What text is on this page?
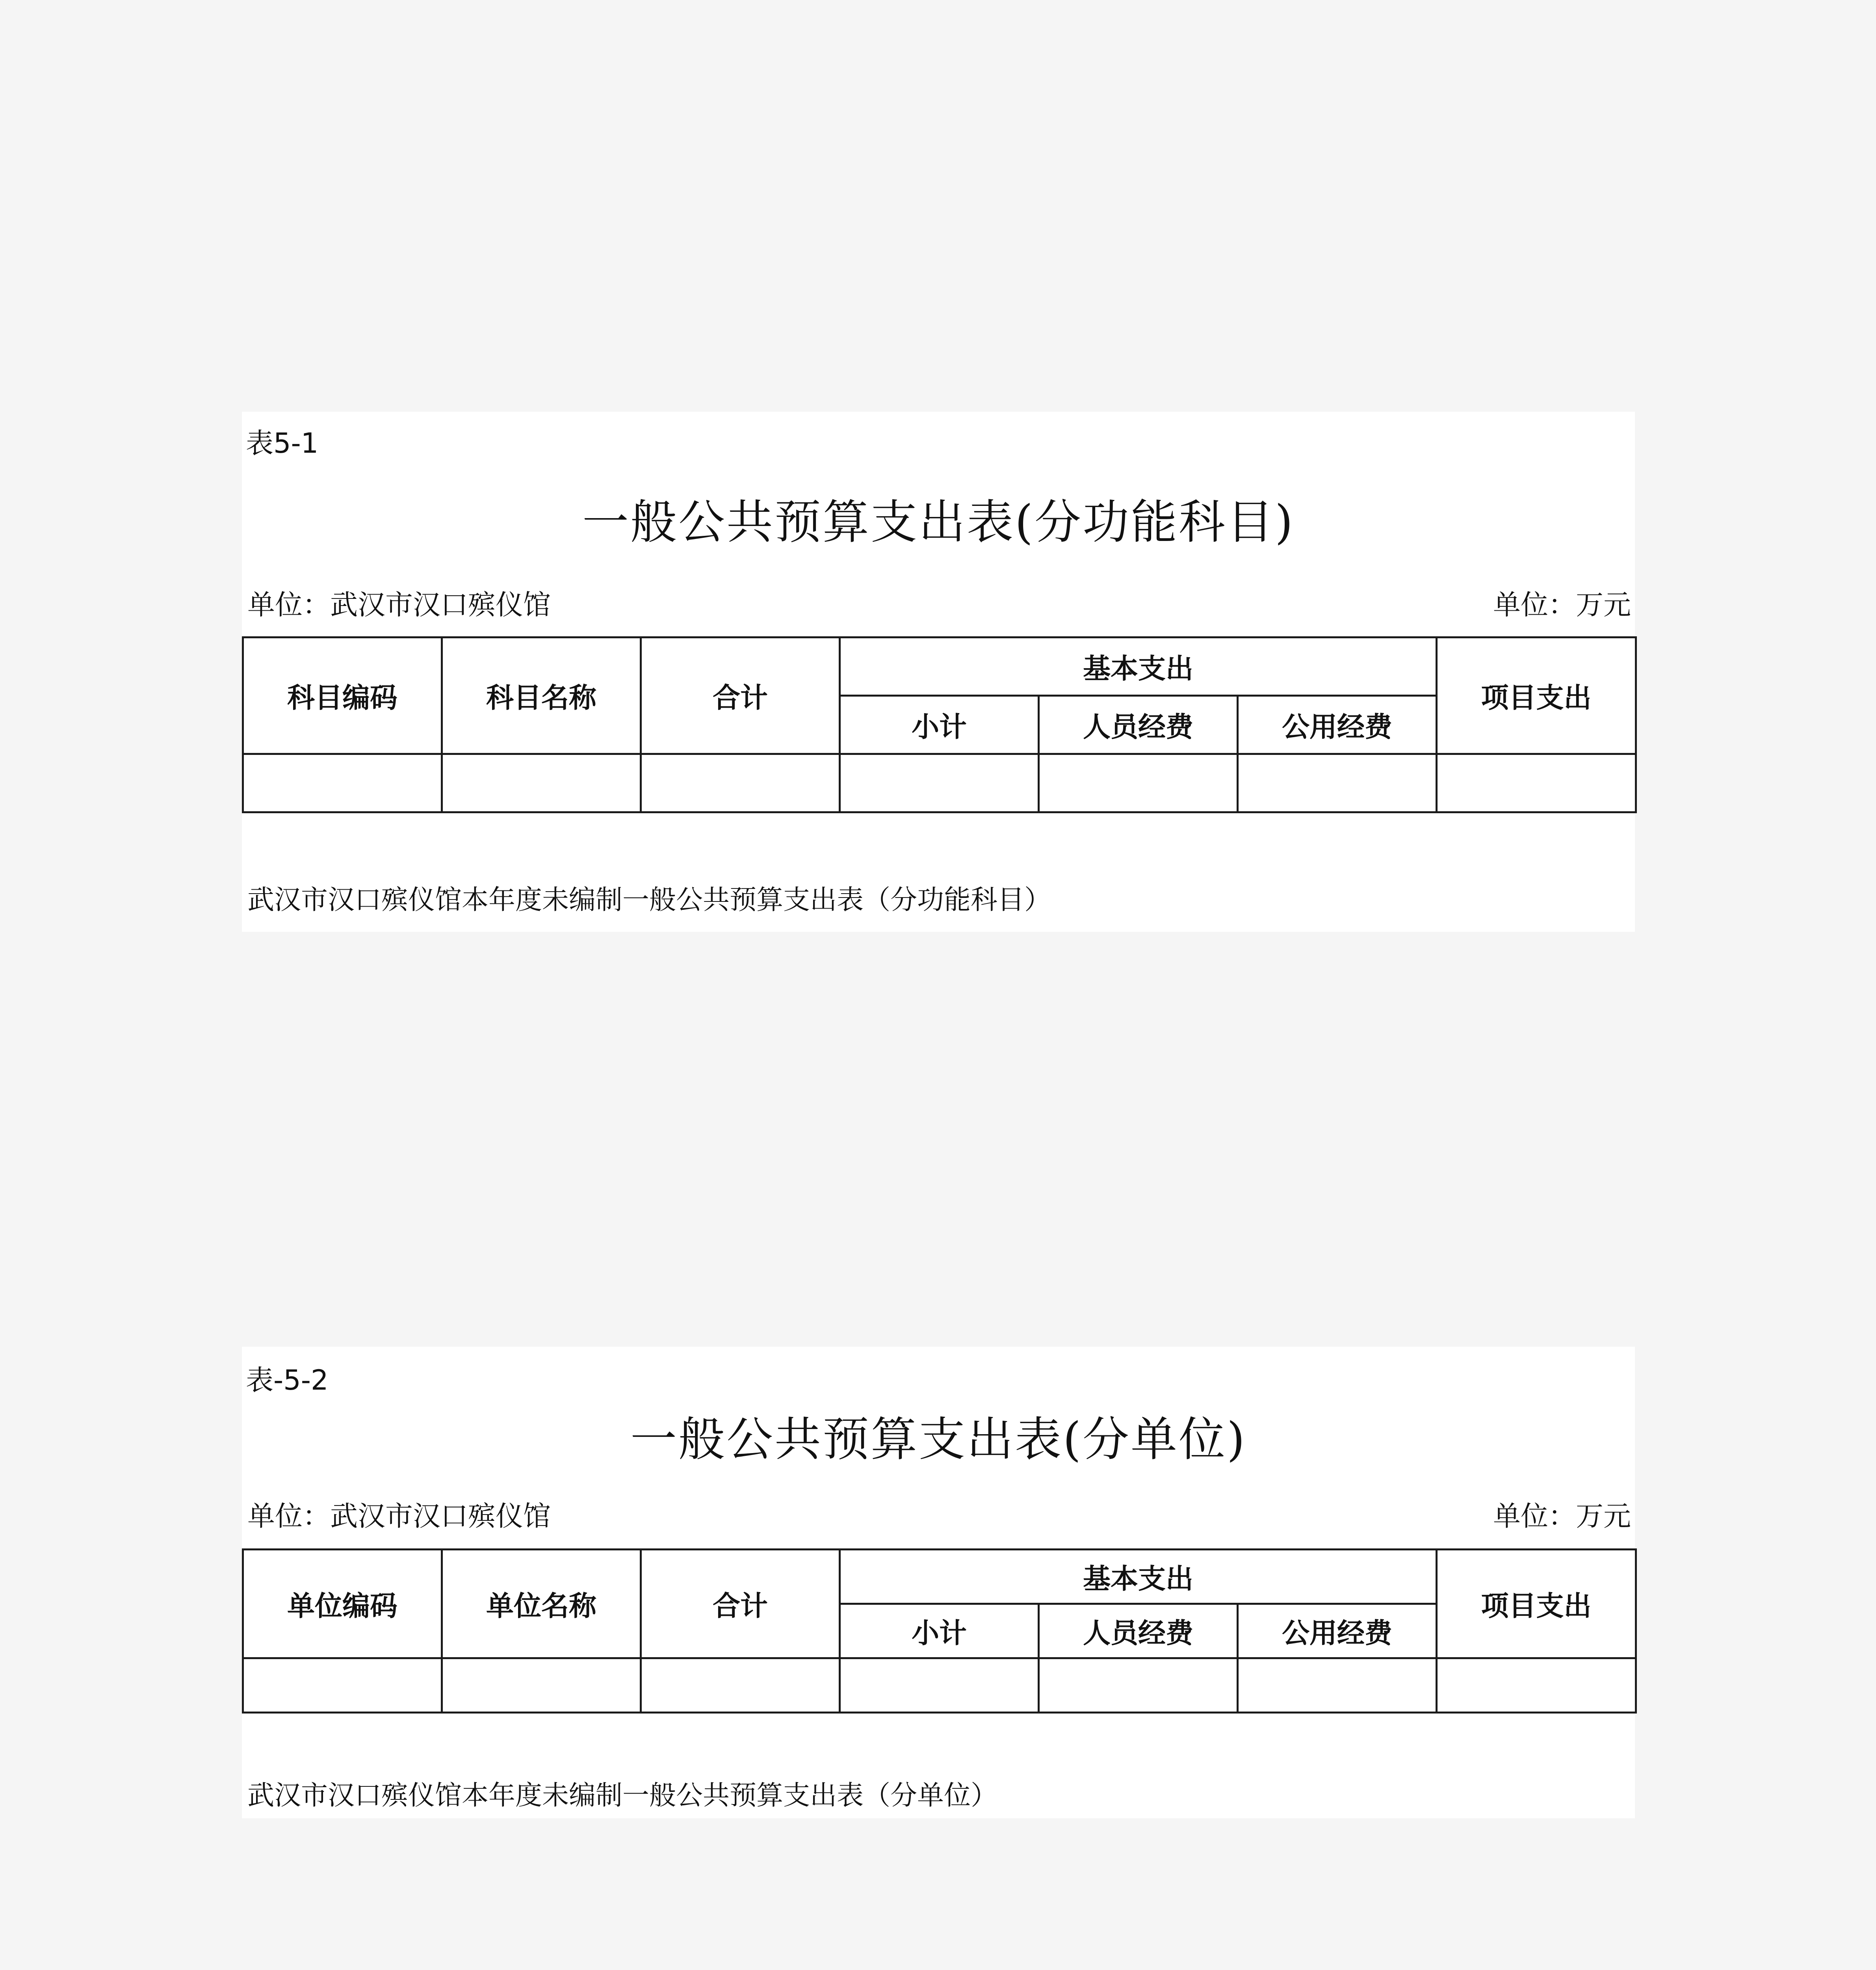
表5-1
一般公共预算支出表(分功能科目)
单位：武汉市汉口殡仪馆	单位：万元
科目编码	科目名称	合计	基本支出			项目支出
			小计	人员经费	公用经费	

武汉市汉口殡仪馆本年度未编制一般公共预算支出表（分功能科目）
表-5-2
一般公共预算支出表(分单位)
单位：武汉市汉口殡仪馆	单位：万元
单位编码	单位名称	合计	基本支出			项目支出
			小计	人员经费	公用经费	

武汉市汉口殡仪馆本年度未编制一般公共预算支出表（分单位）
